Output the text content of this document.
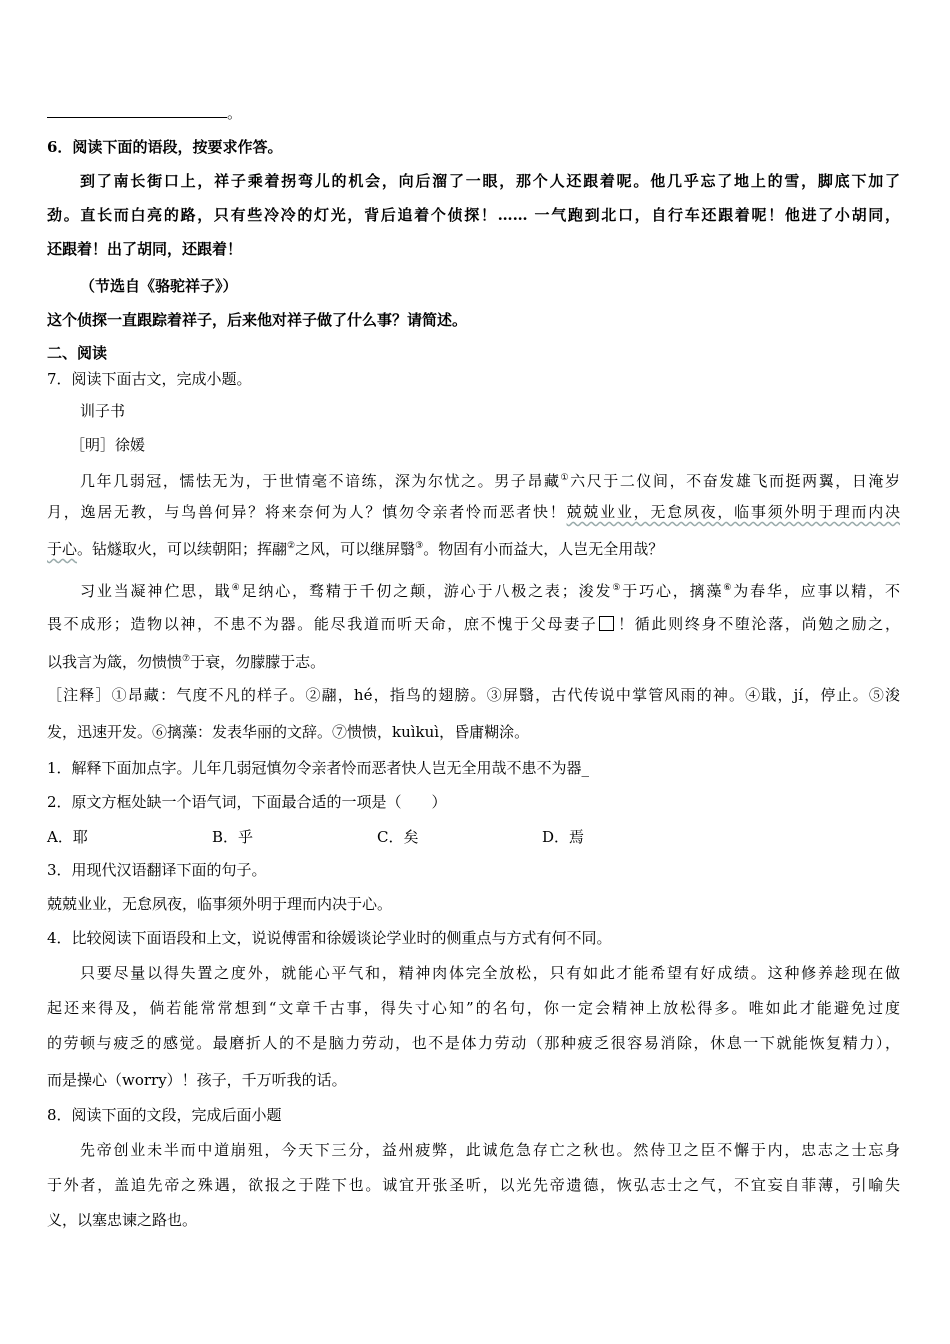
。
6．阅读下面的语段，按要求作答。
到了南长街口上，祥子乘着拐弯儿的机会，向后溜了一眼，那个人还跟着呢。他几乎忘了地上的雪，脚底下加了
劲。直长而白亮的路，只有些冷冷的灯光，背后追着个侦探！…… 一气跑到北口，自行车还跟着呢！他进了小胡同，
还跟着！出了胡同，还跟着！
（节选自《骆驼祥子》）
这个侦探一直跟踪着祥子，后来他对祥子做了什么事？请简述。
二、阅读
7．阅读下面古文，完成小题。
训子书
［明］徐媛
几年几弱冠，懦怯无为，于世情毫不谙练，深为尔忧之。男子昂藏①六尺于二仪间，不奋发雄飞而挺两翼，日淹岁
月，逸居无教，与鸟兽何异？将来奈何为人？慎勿令亲者怜而恶者快！兢兢业业，无怠夙夜，临事须外明于理而内决
于心。钻燧取火，可以续朝阳；挥翮②之风，可以继屏翳③。物固有小而益大，人岂无全用哉？
习业当凝神伫思，戢④足纳心，骛精于千仞之颠，游心于八极之表；浚发⑤于巧心，摛藻⑥为春华，应事以精，不
畏不成形；造物以神，不患不为器。能尽我道而听天命，庶不愧于父母妻子 ！循此则终身不堕沦落，尚勉之励之，
以我言为箴，勿愦愦⑦于衰，勿朦朦于志。
［注释］①昂藏：气度不凡的样子。②翮，hé，指鸟的翅膀。③屏翳，古代传说中掌管风雨的神。④戢，jí，停止。⑤浚
发，迅速开发。⑥摛藻：发表华丽的文辞。⑦愦愦，kuìkuì，昏庸糊涂。
1．解释下面加点字。儿年几弱冠慎勿令亲者怜而恶者快人岂无全用哉不患不为器_
2．原文方框处缺一个语气词，下面最合适的一项是（　　）
A．耶	B．乎	C．矣	D．焉
3．用现代汉语翻译下面的句子。
兢兢业业，无怠夙夜，临事须外明于理而内决于心。
4．比较阅读下面语段和上文，说说傅雷和徐媛谈论学业时的侧重点与方式有何不同。
只要尽量以得失置之度外，就能心平气和，精神肉体完全放松，只有如此才能希望有好成绩。这种修养趁现在做
起还来得及，倘若能常常想到“文章千古事，得失寸心知”的名句，你一定会精神上放松得多。唯如此才能避免过度
的劳顿与疲乏的感觉。最磨折人的不是脑力劳动，也不是体力劳动（那种疲乏很容易消除，休息一下就能恢复精力），
而是操心（worry）！孩子，千万听我的话。
8．阅读下面的文段，完成后面小题
先帝创业未半而中道崩殂，今天下三分，益州疲弊，此诚危急存亡之秋也。然侍卫之臣不懈于内，忠志之士忘身
于外者，盖追先帝之殊遇，欲报之于陛下也。诚宜开张圣听，以光先帝遗德，恢弘志士之气，不宜妄自菲薄，引喻失
义，以塞忠谏之路也。
